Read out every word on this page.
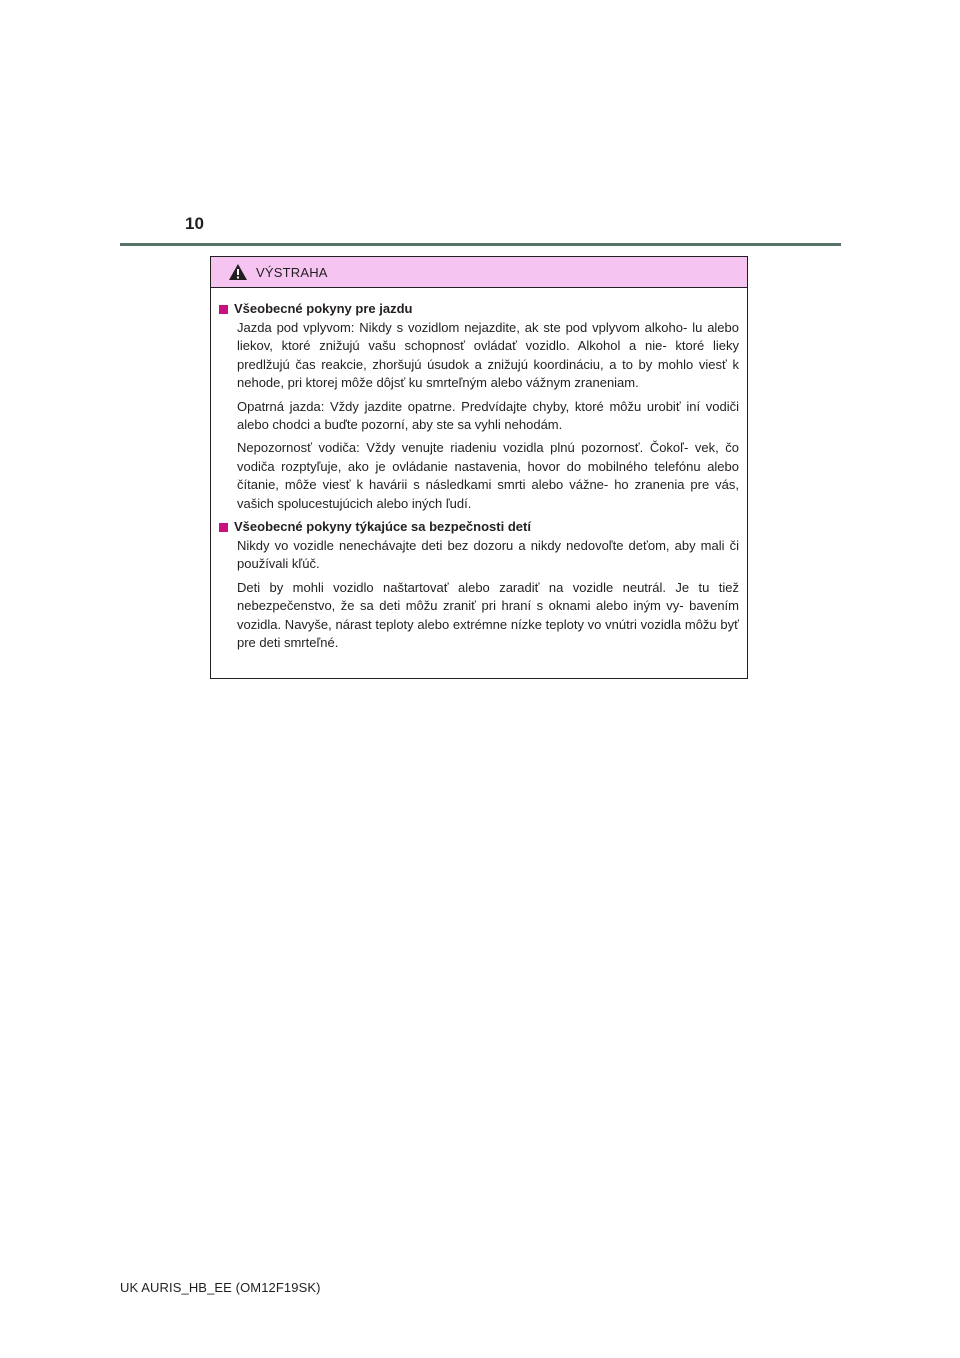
10
VÝSTRAHA
Všeobecné pokyny pre jazdu

Jazda pod vplyvom: Nikdy s vozidlom nejazdite, ak ste pod vplyvom alkoho- lu alebo liekov, ktoré znižujú vašu schopnosť ovládať vozidlo. Alkohol a nie- ktoré lieky predlžujú čas reakcie, zhoršujú úsudok a znižujú koordináciu, a to by mohlo viesť k nehode, pri ktorej môže dôjsť ku smrteľným alebo vážnym zraneniam.

Opatrná jazda: Vždy jazdite opatrne. Predvídajte chyby, ktoré môžu urobiť iní vodiči alebo chodci a buďte pozorní, aby ste sa vyhli nehodám.

Nepozornosť vodiča: Vždy venujte riadeniu vozidla plnú pozornosť. Čokoľ- vek, čo vodiča rozptyľuje, ako je ovládanie nastavenia, hovor do mobilného telefónu alebo čítanie, môže viesť k havárii s následkami smrti alebo vážne- ho zranenia pre vás, vašich spolucestujúcich alebo iných ľudí.

Všeobecné pokyny týkajúce sa bezpečnosti detí

Nikdy vo vozidle nenechávajte deti bez dozoru a nikdy nedovoľte deťom, aby mali či používali kľúč.

Deti by mohli vozidlo naštartovať alebo zaradiť na vozidle neutrál. Je tu tiež nebezpečenstvo, že sa deti môžu zraniť pri hraní s oknami alebo iným vy- bavením vozidla. Navyše, nárast teploty alebo extrémne nízke teploty vo vnútri vozidla môžu byť pre deti smrteľné.

UK AURIS_HB_EE (OM12F19SK)
